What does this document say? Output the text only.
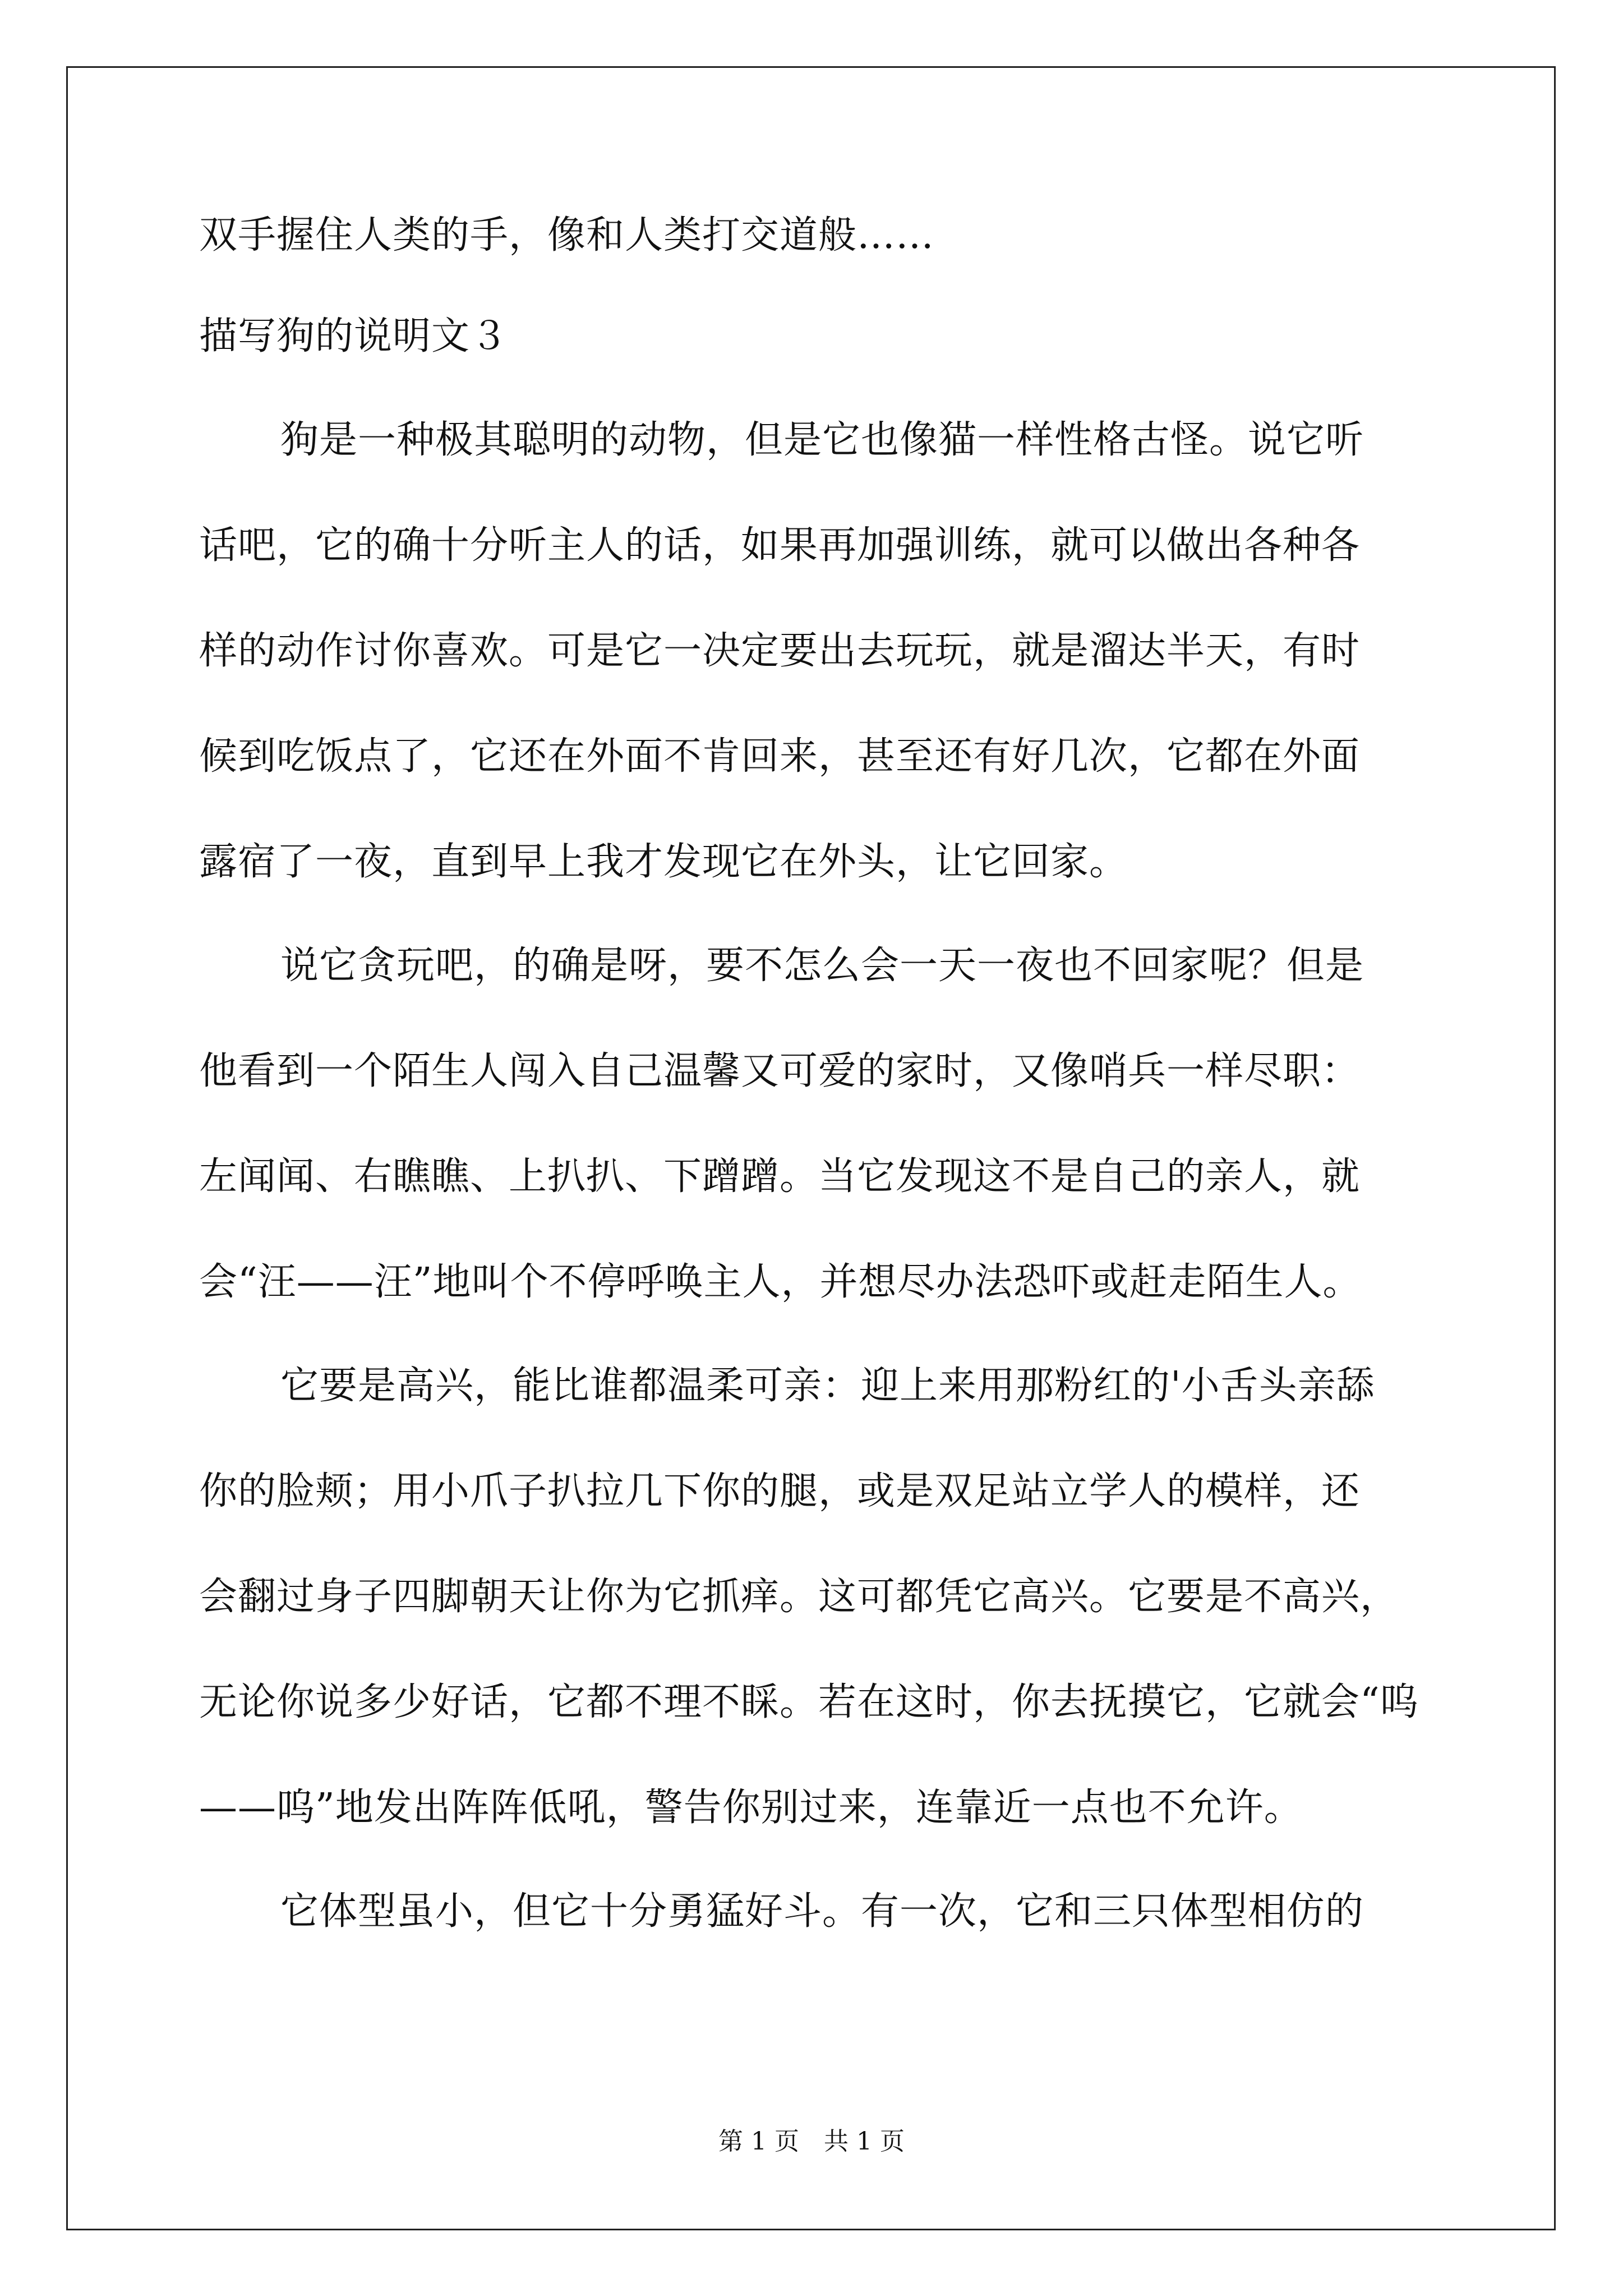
双手握住人类的手，像和人类打交道般……
描写狗的说明文３
狗是一种极其聪明的动物，但是它也像猫一样性格古怪。说它听
话吧，它的确十分听主人的话，如果再加强训练，就可以做出各种各
样的动作讨你喜欢。可是它一决定要出去玩玩，就是溜达半天，有时
候到吃饭点了，它还在外面不肯回来，甚至还有好几次，它都在外面
露宿了一夜，直到早上我才发现它在外头，让它回家。
说它贪玩吧，的确是呀，要不怎么会一天一夜也不回家呢？但是
他看到一个陌生人闯入自己温馨又可爱的家时，又像哨兵一样尽职：
左闻闻、右瞧瞧、上扒扒、下蹭蹭。当它发现这不是自己的亲人，就
会“汪——汪”地叫个不停呼唤主人，并想尽办法恐吓或赶走陌生人。
它要是高兴，能比谁都温柔可亲：迎上来用那粉红的'小舌头亲舔
你的脸颊；用小爪子扒拉几下你的腿，或是双足站立学人的模样，还
会翻过身子四脚朝天让你为它抓痒。这可都凭它高兴。它要是不高兴，
无论你说多少好话，它都不理不睬。若在这时，你去抚摸它，它就会“呜
——呜”地发出阵阵低吼，警告你别过来，连靠近一点也不允许。
它体型虽小，但它十分勇猛好斗。有一次，它和三只体型相仿的
第 1 页　共 1 页
